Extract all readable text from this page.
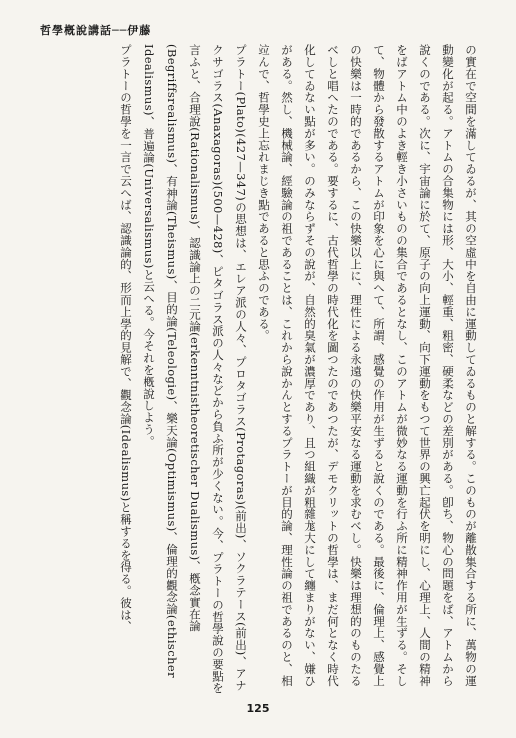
哲學槪說講話──伊藤

の實在で空間を滿してゐるが、其の空虛中を自由に運動してゐるものと解する。このものが離散集合する所に、萬物の運動變化が起る。アトムの合集物には形、大小、輕重、粗密、硬柔などの差別がある。卽ち、物心の問題をば、アトムから說くのである。次に、宇宙論に於て、原子の向上運動、向下運動をもつて世界の興亡起伏を明にし、心理上、人間の精神をばアトム中のよき輕き小さいものの集合であるとなし、このアトムが微妙なる運動を行ふ所に精神作用が生ずる。そして、物體から發散するアトムが印象を心に與へて、所謂、感覺の作用が生ずると說くのである。最後に、倫理上、感覺上の快樂は一時的であるから、この快樂以上に、理性による永遠の快樂平安なる運動を求むべし。快樂は理想的のものたるべしと唱へたのである。要するに、古代哲學の時代化を圖つたのであつたが、デモクリットの哲學は、まだ何となく時代化してゐない點が多い。のみならずその說が、自然的臭氣が濃厚であり、且つ組織が粗雜尨大にして纏まりがない、嫌ひがある。然し、機械論、經驗論の祖であることは、これから說かんとするプラトーが目的論、理性論の祖であるのと、相竝んで、哲學史上忘れまじき點であると思ふのである。

プラトー(Plato)(427—347)の思想は、エレア派の人々、プロタゴラス(Protagoras)(前出)、ソクラテース(前出)、アナクサゴラス(Anaxagoras)(500—428)、ピタゴラス派の人々などから負ふ所が少くない。今、プラトーの哲學說の要點を言ふと、合理說(Rationalismus)、認識論上の二元論(erkenntnistheoretischer Dualismus)、槪念實在論(Begriffsrealismus)、有神論(Theismus)、目的論(Teleologie)、樂天論(Optimismus)、倫理的觀念論(ethischer Idealismus)、普遍論(Universalismus)と云へる。今それを槪說しよう。

プラトーの哲學を一言で云へば、認識論的、形而上學的見解で、觀念論(Idealismus)と稱するを得る。彼は、

125
